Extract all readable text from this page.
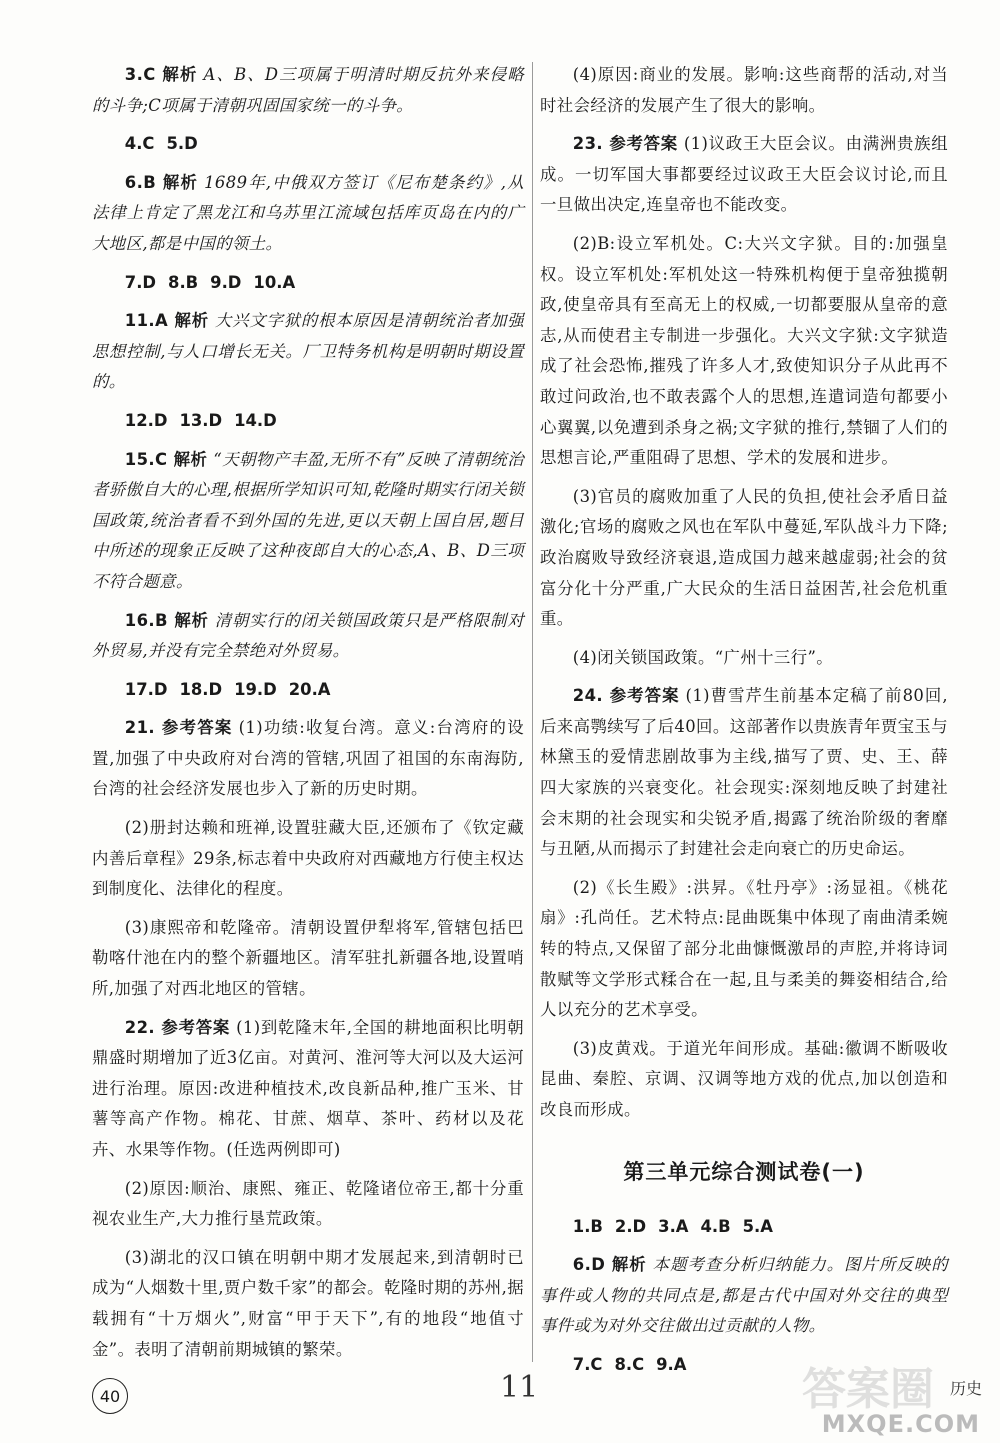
3.C 解析 A、B、D三项属于明清时期反抗外来侵略的斗争;C项属于清朝巩固国家统一的斗争。

4.C 5.D

6.B 解析 1689年,中俄双方签订《尼布楚条约》,从法律上肯定了黑龙江和乌苏里江流域包括库页岛在内的广大地区,都是中国的领土。

7.D 8.B 9.D 10.A

11.A 解析 大兴文字狱的根本原因是清朝统治者加强思想控制,与人口增长无关。厂卫特务机构是明朝时期设置的。

12.D 13.D 14.D

15.C 解析 “天朝物产丰盈,无所不有”反映了清朝统治者骄傲自大的心理,根据所学知识可知,乾隆时期实行闭关锁国政策,统治者看不到外国的先进,更以天朝上国自居,题目中所述的现象正反映了这种夜郎自大的心态,A、B、D三项不符合题意。

16.B 解析 清朝实行的闭关锁国政策只是严格限制对外贸易,并没有完全禁绝对外贸易。

17.D 18.D 19.D 20.A

21. 参考答案 (1)功绩:收复台湾。意义:台湾府的设置,加强了中央政府对台湾的管辖,巩固了祖国的东南海防,台湾的社会经济发展也步入了新的历史时期。

(2)册封达赖和班禅,设置驻藏大臣,还颁布了《钦定藏内善后章程》29条,标志着中央政府对西藏地方行使主权达到制度化、法律化的程度。

(3)康熙帝和乾隆帝。清朝设置伊犁将军,管辖包括巴勒喀什池在内的整个新疆地区。清军驻扎新疆各地,设置哨所,加强了对西北地区的管辖。

22. 参考答案 (1)到乾隆末年,全国的耕地面积比明朝鼎盛时期增加了近3亿亩。对黄河、淮河等大河以及大运河进行治理。原因:改进种植技术,改良新品种,推广玉米、甘薯等高产作物。棉花、甘蔗、烟草、茶叶、药材以及花卉、水果等作物。(任选两例即可)

(2)原因:顺治、康熙、雍正、乾隆诸位帝王,都十分重视农业生产,大力推行垦荒政策。

(3)湖北的汉口镇在明朝中期才发展起来,到清朝时已成为“人烟数十里,贾户数千家”的都会。乾隆时期的苏州,据载拥有“十万烟火”,财富“甲于天下”,有的地段“地值寸金”。表明了清朝前期城镇的繁荣。

(4)原因:商业的发展。影响:这些商帮的活动,对当时社会经济的发展产生了很大的影响。

23. 参考答案 (1)议政王大臣会议。由满洲贵族组成。一切军国大事都要经过议政王大臣会议讨论,而且一旦做出决定,连皇帝也不能改变。

(2)B:设立军机处。C:大兴文字狱。目的:加强皇权。设立军机处:军机处这一特殊机构便于皇帝独揽朝政,使皇帝具有至高无上的权威,一切都要服从皇帝的意志,从而使君主专制进一步强化。大兴文字狱:文字狱造成了社会恐怖,摧残了许多人才,致使知识分子从此再不敢过问政治,也不敢表露个人的思想,连遣词造句都要小心翼翼,以免遭到杀身之祸;文字狱的推行,禁锢了人们的思想言论,严重阻碍了思想、学术的发展和进步。

(3)官员的腐败加重了人民的负担,使社会矛盾日益激化;官场的腐败之风也在军队中蔓延,军队战斗力下降;政治腐败导致经济衰退,造成国力越来越虚弱;社会的贫富分化十分严重,广大民众的生活日益困苦,社会危机重重。

(4)闭关锁国政策。“广州十三行”。

24. 参考答案 (1)曹雪芹生前基本定稿了前80回,后来高鹗续写了后40回。这部著作以贵族青年贾宝玉与林黛玉的爱情悲剧故事为主线,描写了贾、史、王、薛四大家族的兴衰变化。社会现实:深刻地反映了封建社会末期的社会现实和尖锐矛盾,揭露了统治阶级的奢靡与丑陋,从而揭示了封建社会走向衰亡的历史命运。

(2)《长生殿》:洪昇。《牡丹亭》:汤显祖。《桃花扇》:孔尚任。艺术特点:昆曲既集中体现了南曲清柔婉转的特点,又保留了部分北曲慷慨激昂的声腔,并将诗词散赋等文学形式糅合在一起,且与柔美的舞姿相结合,给人以充分的艺术享受。

(3)皮黄戏。于道光年间形成。基础:徽调不断吸收昆曲、秦腔、京调、汉调等地方戏的优点,加以创造和改良而形成。

第三单元综合测试卷(一)
1.B 2.D 3.A 4.B 5.A

6.D 解析 本题考查分析归纳能力。图片所反映的事件或人物的共同点是,都是古代中国对外交往的典型事件或为对外交往做出过贡献的人物。

7.C 8.C 9.A
40	11	历史
答案圈
MXQE.COM
